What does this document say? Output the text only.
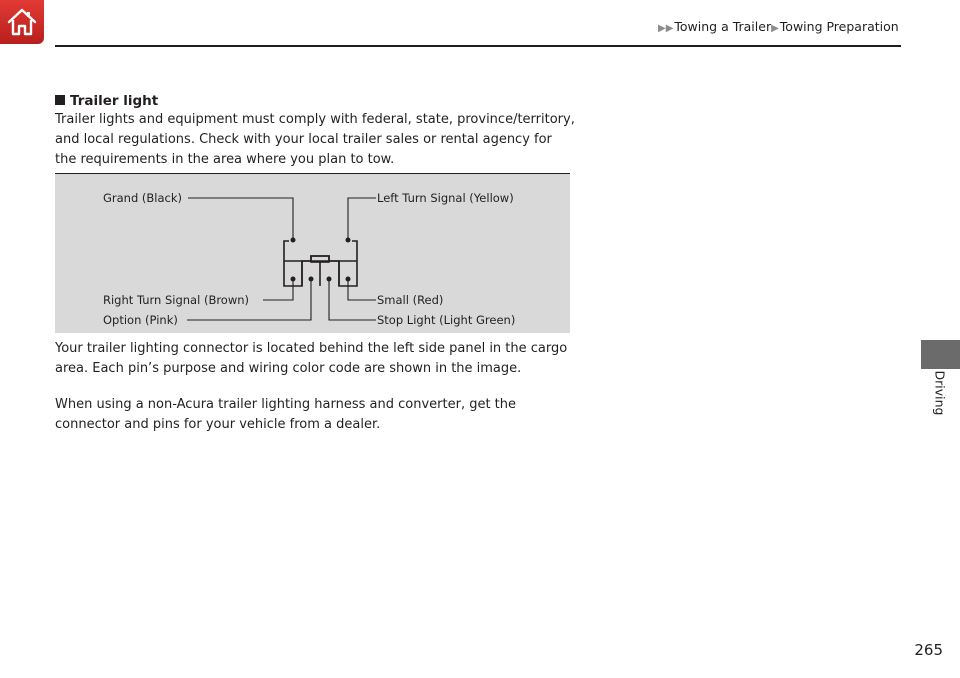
▶▶Towing a Trailer▶Towing Preparation
Driving
Trailer light

Trailer lights and equipment must comply with federal, state, province/territory, and local regulations. Check with your local trailer sales or rental agency for the requirements in the area where you plan to tow.

Grand (Black)	Left Turn Signal (Yellow)
Right Turn Signal (Brown)	Small (Red)
Option (Pink)	Stop Light (Light Green)

Your trailer lighting connector is located behind the left side panel in the cargo area. Each pin’s purpose and wiring color code are shown in the image.

When using a non-Acura trailer lighting harness and converter, get the connector and pins for your vehicle from a dealer.

265
